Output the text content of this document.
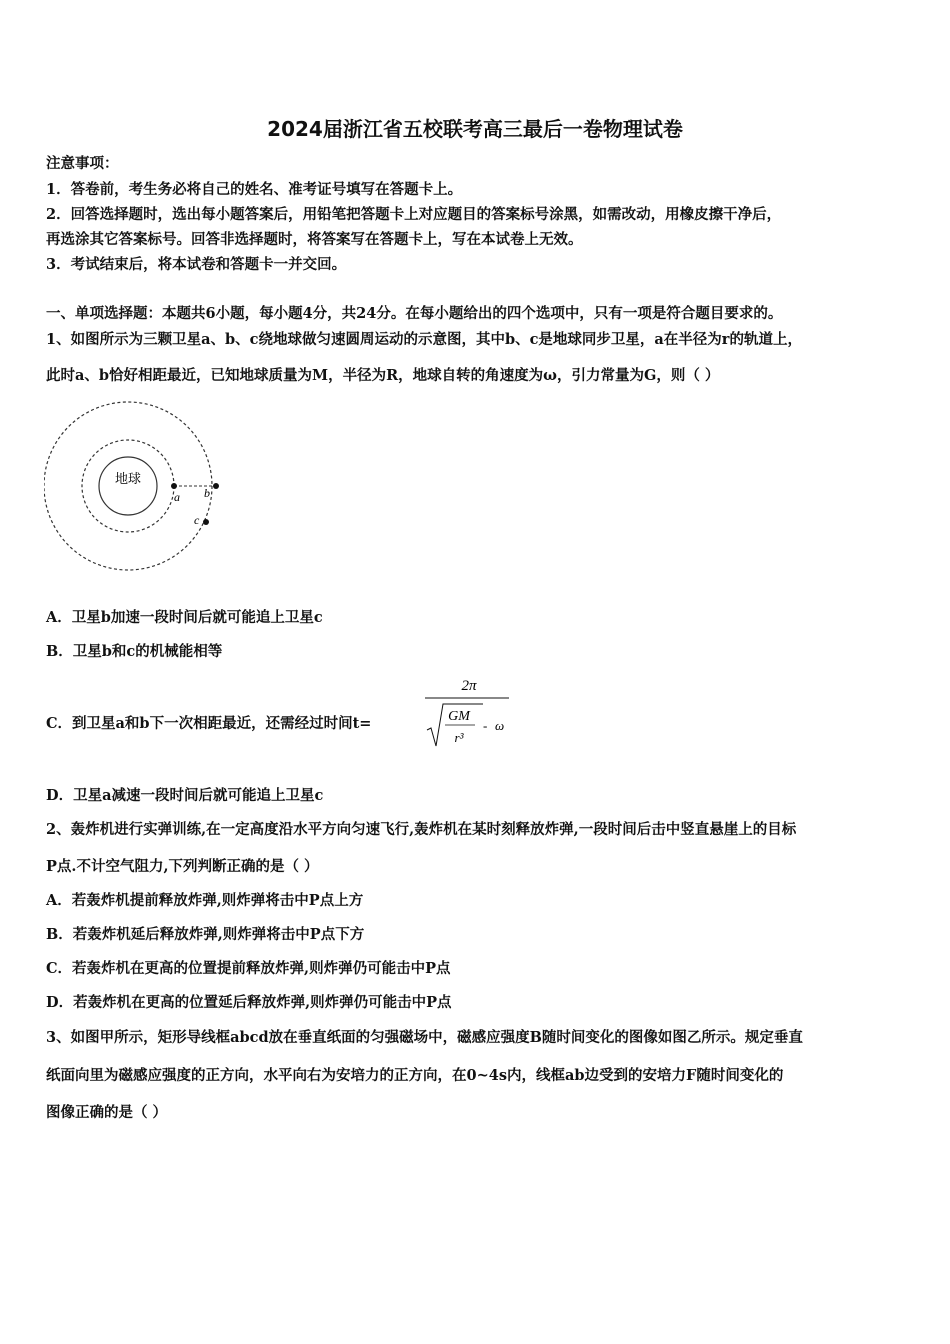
2024届浙江省五校联考高三最后一卷物理试卷
注意事项：
1．答卷前，考生务必将自己的姓名、准考证号填写在答题卡上。
2．回答选择题时，选出每小题答案后，用铅笔把答题卡上对应题目的答案标号涂黑，如需改动，用橡皮擦干净后，
再选涂其它答案标号。回答非选择题时，将答案写在答题卡上，写在本试卷上无效。
3．考试结束后，将本试卷和答题卡一并交回。
一、单项选择题：本题共6小题，每小题4分，共24分。在每小题给出的四个选项中，只有一项是符合题目要求的。
1、如图所示为三颗卫星a、b、c绕地球做匀速圆周运动的示意图，其中b、c是地球同步卫星，a在半径为r的轨道上，
此时a、b恰好相距最近，已知地球质量为M，半径为R，地球自转的角速度为ω，引力常量为G，则（ ）
地球
a b
c
A．卫星b加速一段时间后就可能追上卫星c
B．卫星b和c的机械能相等
C．到卫星a和b下一次相距最近，还需经过时间t=
2π
GM
r³
- ω
D．卫星a减速一段时间后就可能追上卫星c
2、轰炸机进行实弹训练,在一定高度沿水平方向匀速飞行,轰炸机在某时刻释放炸弹,一段时间后击中竖直悬崖上的目标
P点.不计空气阻力,下列判断正确的是（ ）
A．若轰炸机提前释放炸弹,则炸弹将击中P点上方
B．若轰炸机延后释放炸弹,则炸弹将击中P点下方
C．若轰炸机在更高的位置提前释放炸弹,则炸弹仍可能击中P点
D．若轰炸机在更高的位置延后释放炸弹,则炸弹仍可能击中P点
3、如图甲所示，矩形导线框abcd放在垂直纸面的匀强磁场中，磁感应强度B随时间变化的图像如图乙所示。规定垂直
纸面向里为磁感应强度的正方向，水平向右为安培力的正方向，在0~4s内，线框ab边受到的安培力F随时间变化的
图像正确的是（ ）
